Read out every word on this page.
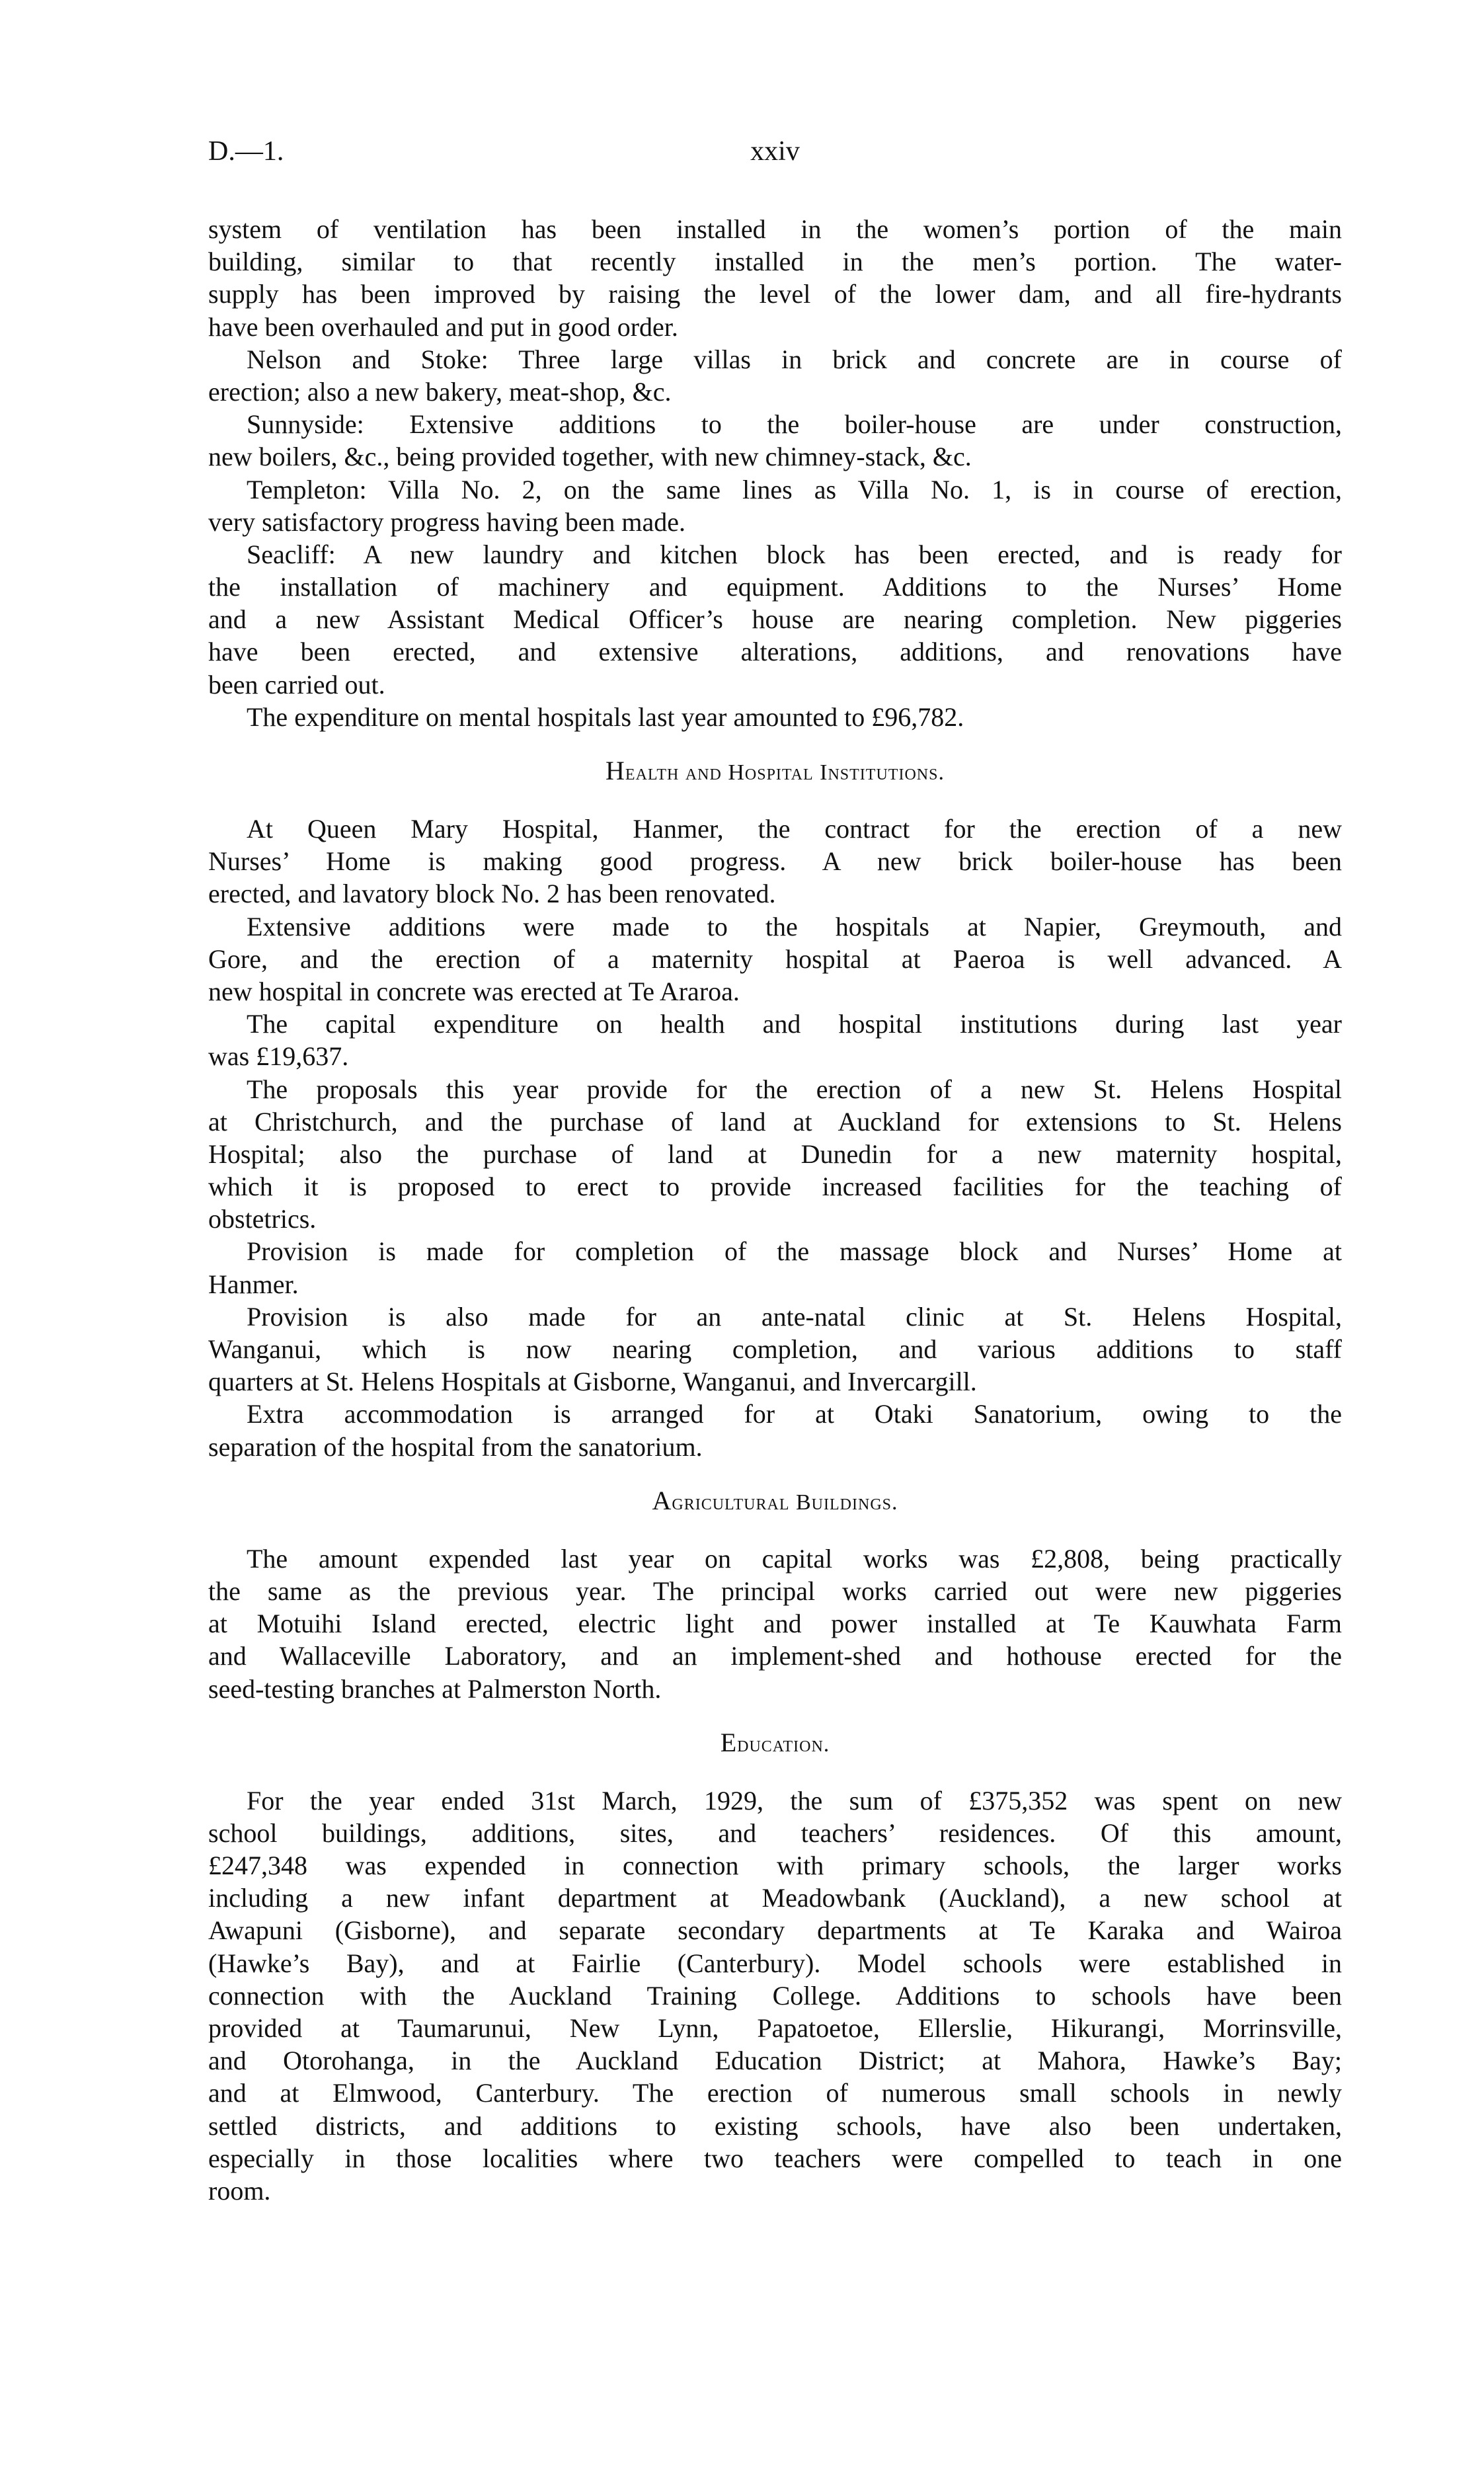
D.—1.	xxiv
system of ventilation has been installed in the women’s portion of the main
building, similar to that recently installed in the men’s portion. The water-
supply has been improved by raising the level of the lower dam, and all fire-hydrants
have been overhauled and put in good order.
Nelson and Stoke: Three large villas in brick and concrete are in course of
erection; also a new bakery, meat-shop, &c.
Sunnyside: Extensive additions to the boiler-house are under construction,
new boilers, &c., being provided together, with new chimney-stack, &c.
Templeton: Villa No. 2, on the same lines as Villa No. 1, is in course of erection,
very satisfactory progress having been made.
Seacliff: A new laundry and kitchen block has been erected, and is ready for
the installation of machinery and equipment. Additions to the Nurses’ Home
and a new Assistant Medical Officer’s house are nearing completion. New piggeries
have been erected, and extensive alterations, additions, and renovations have
been carried out.
The expenditure on mental hospitals last year amounted to £96,782.
Health and Hospital Institutions.
At Queen Mary Hospital, Hanmer, the contract for the erection of a new
Nurses’ Home is making good progress. A new brick boiler-house has been
erected, and lavatory block No. 2 has been renovated.
Extensive additions were made to the hospitals at Napier, Greymouth, and
Gore, and the erection of a maternity hospital at Paeroa is well advanced. A
new hospital in concrete was erected at Te Araroa.
The capital expenditure on health and hospital institutions during last year
was £19,637.
The proposals this year provide for the erection of a new St. Helens Hospital
at Christchurch, and the purchase of land at Auckland for extensions to St. Helens
Hospital; also the purchase of land at Dunedin for a new maternity hospital,
which it is proposed to erect to provide increased facilities for the teaching of
obstetrics.
Provision is made for completion of the massage block and Nurses’ Home at
Hanmer.
Provision is also made for an ante-natal clinic at St. Helens Hospital,
Wanganui, which is now nearing completion, and various additions to staff
quarters at St. Helens Hospitals at Gisborne, Wanganui, and Invercargill.
Extra accommodation is arranged for at Otaki Sanatorium, owing to the
separation of the hospital from the sanatorium.
Agricultural Buildings.
The amount expended last year on capital works was £2,808, being practically
the same as the previous year. The principal works carried out were new piggeries
at Motuihi Island erected, electric light and power installed at Te Kauwhata Farm
and Wallaceville Laboratory, and an implement-shed and hothouse erected for the
seed-testing branches at Palmerston North.
Education.
For the year ended 31st March, 1929, the sum of £375,352 was spent on new
school buildings, additions, sites, and teachers’ residences. Of this amount,
£247,348 was expended in connection with primary schools, the larger works
including a new infant department at Meadowbank (Auckland), a new school at
Awapuni (Gisborne), and separate secondary departments at Te Karaka and Wairoa
(Hawke’s Bay), and at Fairlie (Canterbury). Model schools were established in
connection with the Auckland Training College. Additions to schools have been
provided at Taumarunui, New Lynn, Papatoetoe, Ellerslie, Hikurangi, Morrinsville,
and Otorohanga, in the Auckland Education District; at Mahora, Hawke’s Bay;
and at Elmwood, Canterbury. The erection of numerous small schools in newly
settled districts, and additions to existing schools, have also been undertaken,
especially in those localities where two teachers were compelled to teach in one
room.
